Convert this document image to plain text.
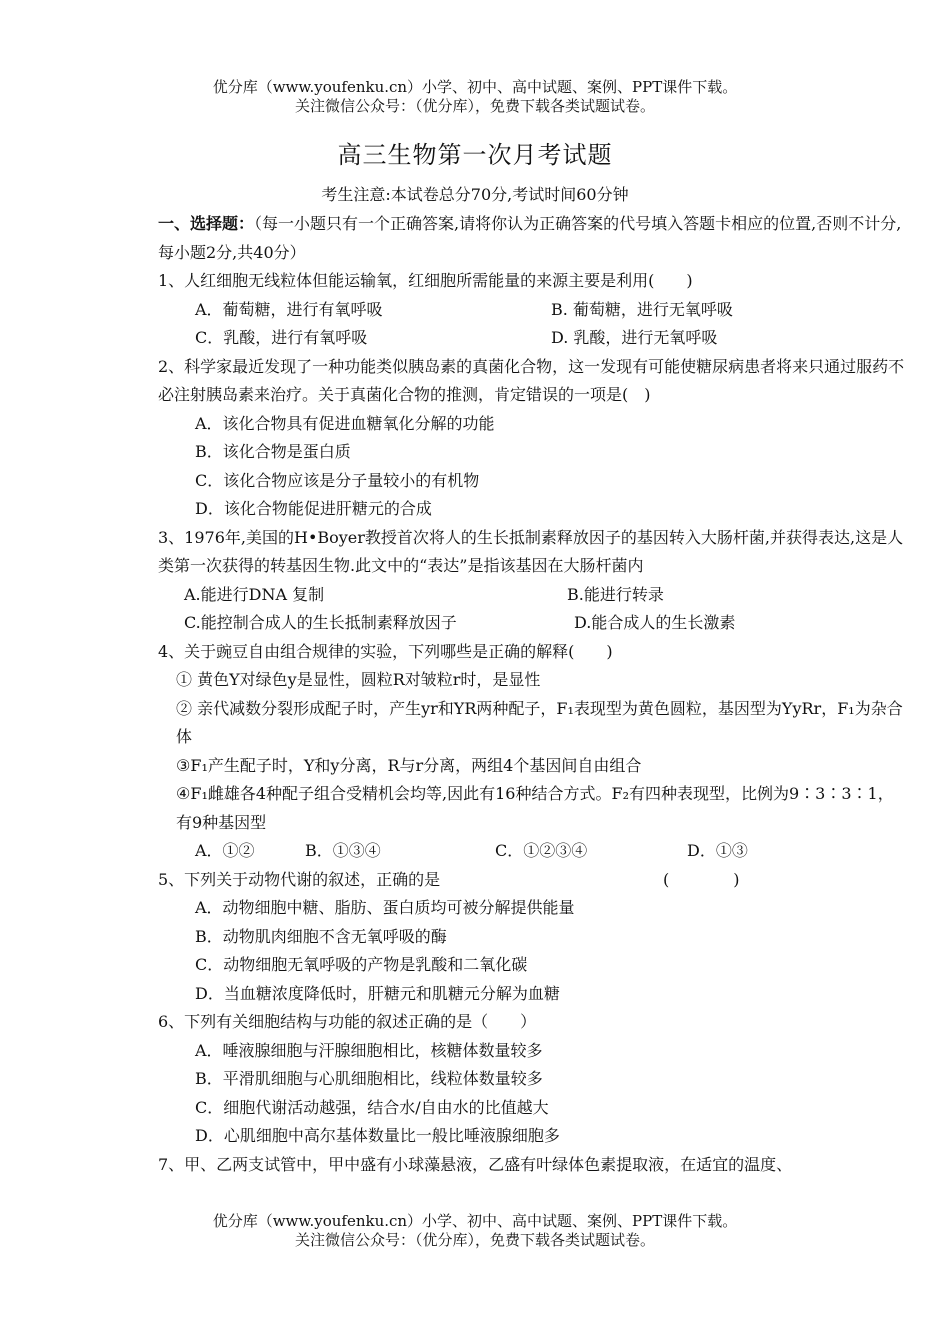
优分库（www.youfenku.cn）小学、初中、高中试题、案例、PPT课件下载。
关注微信公众号：（优分库），免费下载各类试题试卷。
高三生物第一次月考试题
考生注意:本试卷总分70分,考试时间60分钟

一、选择题：（每一小题只有一个正确答案,请将你认为正确答案的代号填入答题卡相应的位置,否则不计分,每小题2分,共40分）

1、人红细胞无线粒体但能运输氧，红细胞所需能量的来源主要是利用(　　)

A．葡萄糖，进行有氧呼吸	B. 葡萄糖，进行无氧呼吸
C．乳酸，进行有氧呼吸	D. 乳酸，进行无氧呼吸

2、科学家最近发现了一种功能类似胰岛素的真菌化合物，这一发现有可能使糖尿病患者将来只通过服药不必注射胰岛素来治疗。关于真菌化合物的推测，肯定错误的一项是(　)

A．该化合物具有促进血糖氧化分解的功能

B．该化合物是蛋白质

C．该化合物应该是分子量较小的有机物

D．该化合物能促进肝糖元的合成

3、1976年,美国的H•Boyer教授首次将人的生长抵制素释放因子的基因转入大肠杆菌,并获得表达,这是人类第一次获得的转基因生物.此文中的“表达”是指该基因在大肠杆菌内

A.能进行DNA 复制	B.能进行转录
C.能控制合成人的生长抵制素释放因子	D.能合成人的生长激素

4、关于豌豆自由组合规律的实验，下列哪些是正确的解释(　　)

① 黄色Y对绿色y是显性，圆粒R对皱粒r时，是显性

② 亲代减数分裂形成配子时，产生yr和YR两种配子，F₁表现型为黄色圆粒，基因型为YyRr，F₁为杂合体

③F₁产生配子时，Y和y分离，R与r分离，两组4个基因间自由组合

④F₁雌雄各4种配子组合受精机会均等,因此有16种结合方式。F₂有四种表现型，比例为9∶3∶3∶1，有9种基因型

A．①②	B．①③④	C．①②③④	D．①③
5、下列关于动物代谢的叙述，正确的是	(　　　　)

A．动物细胞中糖、脂肪、蛋白质均可被分解提供能量

B．动物肌肉细胞不含无氧呼吸的酶

C．动物细胞无氧呼吸的产物是乳酸和二氧化碳

D．当血糖浓度降低时，肝糖元和肌糖元分解为血糖

6、下列有关细胞结构与功能的叙述正确的是（　　）

A．唾液腺细胞与汗腺细胞相比，核糖体数量较多

B．平滑肌细胞与心肌细胞相比，线粒体数量较多

C．细胞代谢活动越强，结合水/自由水的比值越大

D．心肌细胞中高尔基体数量比一般比唾液腺细胞多

7、甲、乙两支试管中，甲中盛有小球藻悬液，乙盛有叶绿体色素提取液，在适宜的温度、

优分库（www.youfenku.cn）小学、初中、高中试题、案例、PPT课件下载。
关注微信公众号：（优分库），免费下载各类试题试卷。
